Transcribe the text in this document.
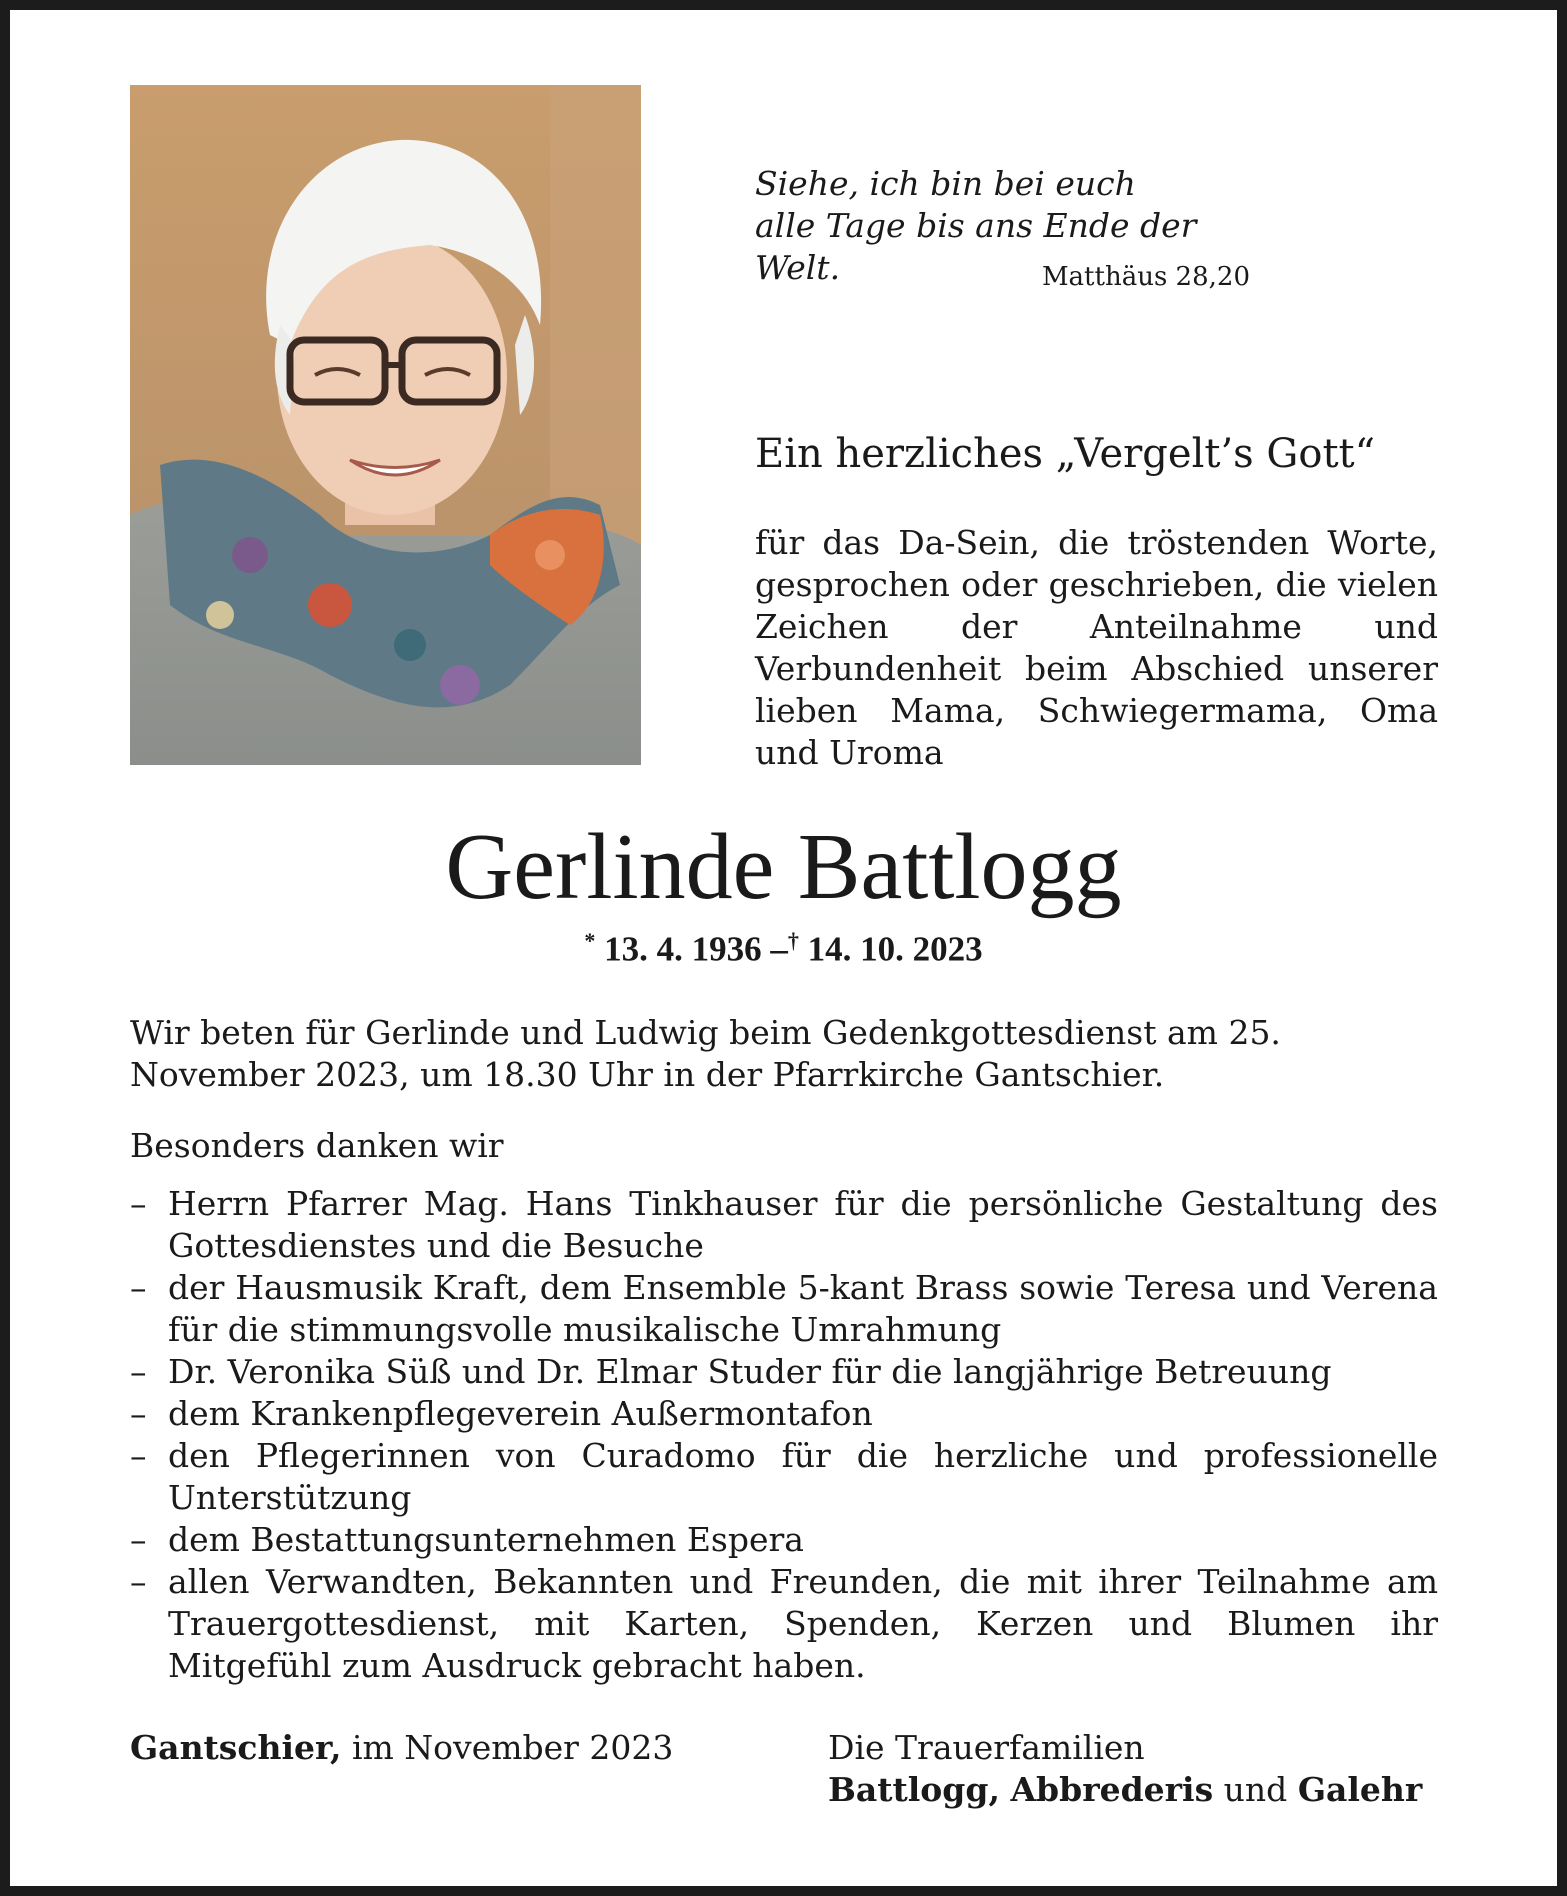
Siehe, ich bin bei euch
alle Tage bis ans Ende der Welt.	Matthäus 28,20
Ein herzliches „Vergelt’s Gott“
für das Da-Sein, die tröstenden Worte, gesprochen oder geschrieben, die vielen Zeichen der Anteilnahme und Verbundenheit beim Abschied unserer lieben Mama, Schwiegermama, Oma und Uroma
Gerlinde Battlogg
* 13. 4. 1936 –† 14. 10. 2023
Wir beten für Gerlinde und Ludwig beim Gedenkgottesdienst am 25. November 2023, um 18.30 Uhr in der Pfarrkirche Gantschier.
Besonders danken wir
– Herrn Pfarrer Mag. Hans Tinkhauser für die persönliche Gestaltung des Gottesdienstes und die Besuche
– der Hausmusik Kraft, dem Ensemble 5-kant Brass sowie Teresa und Verena für die stimmungsvolle musikalische Umrahmung
– Dr. Veronika Süß und Dr. Elmar Studer für die langjährige Betreuung
– dem Krankenpflegeverein Außermontafon
– den Pflegerinnen von Curadomo für die herzliche und professionelle Unterstützung
– dem Bestattungsunternehmen Espera
– allen Verwandten, Bekannten und Freunden, die mit ihrer Teilnahme am Trauergottesdienst, mit Karten, Spenden, Kerzen und Blumen ihr Mitgefühl zum Ausdruck gebracht haben.
Gantschier, im November 2023	Die Trauerfamilien
Battlogg, Abbrederis und Galehr
